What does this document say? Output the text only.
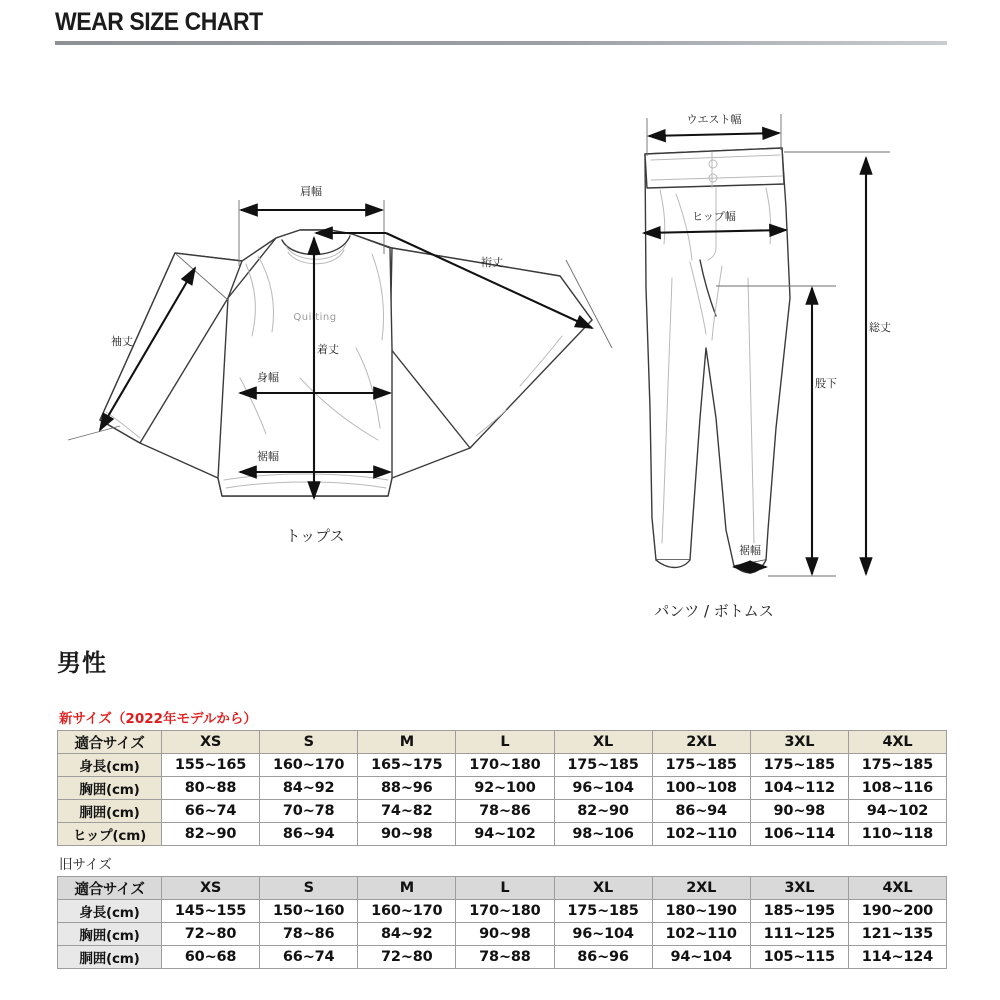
WEAR SIZE CHART
Quilting
肩幅
裄丈
袖丈
着丈
身幅
裾幅
トップス
ウエスト幅
ヒップ幅
裾幅
股下
総丈
パンツ / ボトムス
男性
新サイズ（2022年モデルから）
適合サイズ	XS	S	M	L	XL	2XL	3XL	4XL
身長(cm)	155~165	160~170	165~175	170~180	175~185	175~185	175~185	175~185
胸囲(cm)	80~88	84~92	88~96	92~100	96~104	100~108	104~112	108~116
胴囲(cm)	66~74	70~78	74~82	78~86	82~90	86~94	90~98	94~102
ヒップ(cm)	82~90	86~94	90~98	94~102	98~106	102~110	106~114	110~118
旧サイズ
適合サイズ	XS	S	M	L	XL	2XL	3XL	4XL
身長(cm)	145~155	150~160	160~170	170~180	175~185	180~190	185~195	190~200
胸囲(cm)	72~80	78~86	84~92	90~98	96~104	102~110	111~125	121~135
胴囲(cm)	60~68	66~74	72~80	78~88	86~96	94~104	105~115	114~124
